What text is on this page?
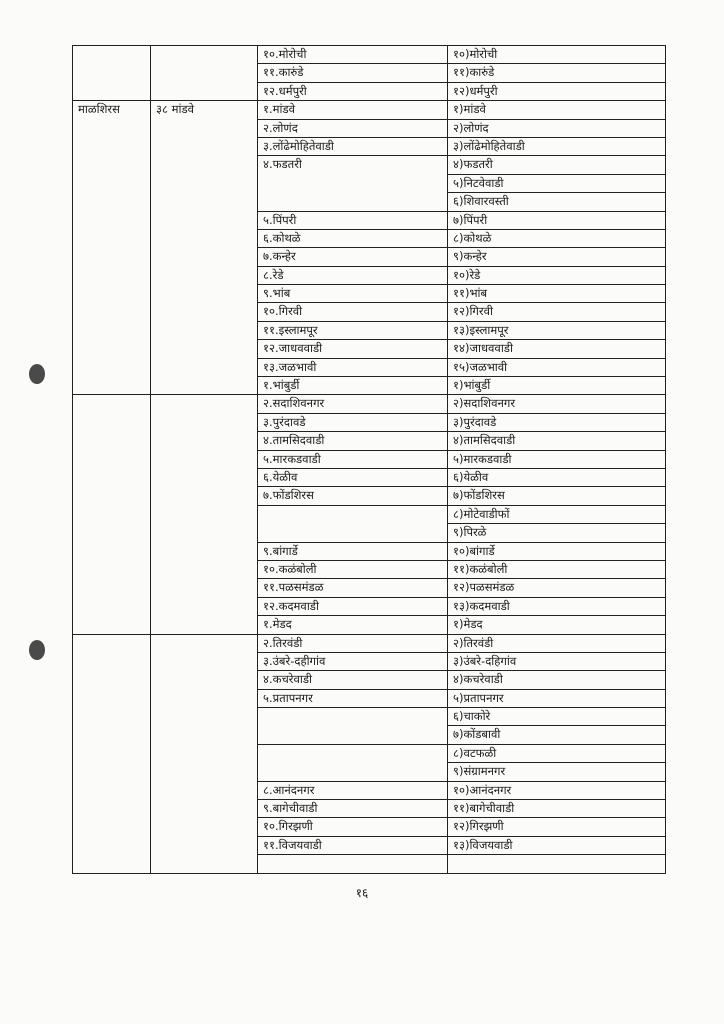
		१०.मोरोची	१०)मोरोची
		११.कारुंडे	११)कारुंडे
		१२.धर्मपुरी	१२)धर्मपुरी
माळशिरस	३८ मांडवे	१.मांडवे	१)मांडवे
		२.लोणंद	२)लोणंद
		३.लोंढेमोहितेवाडी	३)लोंढेमोहितेवाडी
		४.फडतरी	४)फडतरी
			५)निटवेवाडी
			६)शिवारवस्ती
		५.पिंपरी	७)पिंपरी
		६.कोथळे	८)कोथळे
		७.कन्हेर	९)कन्हेर
		८.रेडे	१०)रेडे
		९.भांब	११)भांब
		१०.गिरवी	१२)गिरवी
		११.इस्लामपूर	१३)इस्लामपूर
		१२.जाधववाडी	१४)जाधववाडी
		१३.जळभावी	१५)जळभावी
		१.भांबुर्डी	१)भांबुर्डी
		२.सदाशिवनगर	२)सदाशिवनगर
		३.पुरंदावडे	३)पुरंदावडे
		४.तामसिदवाडी	४)तामसिदवाडी
		५.मारकडवाडी	५)मारकडवाडी
		६.येळीव	६)येळीव
		७.फोंडशिरस	७)फोंडशिरस
			८)मोटेवाडीफों
			९)पिरळे
		९.बांगार्डे	१०)बांगार्डे
		१०.कळंबोली	११)कळंबोली
		११.पळसमंडळ	१२)पळसमंडळ
		१२.कदमवाडी	१३)कदमवाडी
		१.मेडद	१)मेडद
		२.तिरवंडी	२)तिरवंडी
		३.उंबरे-दहीगांव	३)उंबरे-दहिगांव
		४.कचरेवाडी	४)कचरेवाडी
		५.प्रतापनगर	५)प्रतापनगर
			६)चाकोरे
			७)कोंडबावी
			८)वटफळी
			९)संग्रामनगर
		८.आनंदनगर	१०)आनंदनगर
		९.बागेचीवाडी	११)बागेचीवाडी
		१०.गिरझणी	१२)गिरझणी
		११.विजयवाडी	१३)विजयवाडी

१६
